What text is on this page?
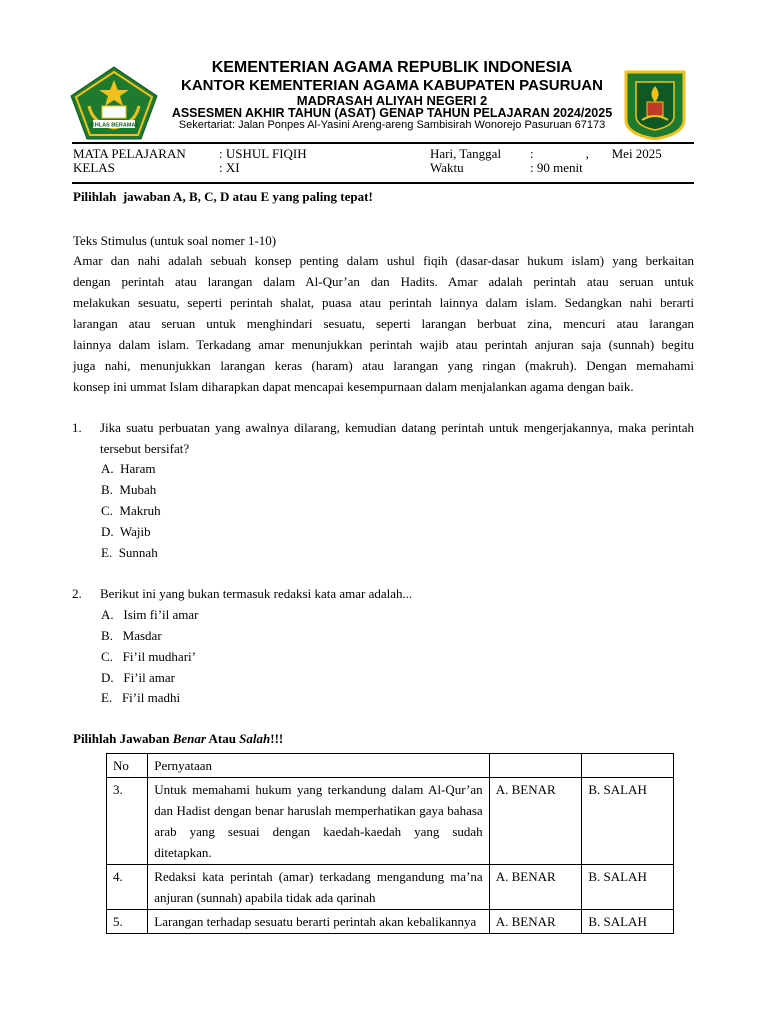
IKHLAS BERAMAL
KEMENTERIAN AGAMA REPUBLIK INDONESIA
KANTOR KEMENTERIAN AGAMA KABUPATEN PASURUAN
MADRASAH ALIYAH NEGERI 2
ASSESMEN AKHIR TAHUN (ASAT) GENAP TAHUN PELAJARAN 2024/2025
Sekertariat: Jalan Ponpes Al-Yasini Areng-areng Sambisirah Wonorejo Pasuruan 67173
MATA PELAJARAN	: USHUL FIQIH	Hari, Tanggal :                ,       Mei 2025
KELAS	: XI	Waktu	: 90 menit
Pilihlah  jawaban A, B, C, D atau E yang paling tepat!
Teks Stimulus (untuk soal nomer 1-10)
Amar dan nahi adalah sebuah konsep penting dalam ushul fiqih (dasar-dasar hukum islam) yang berkaitan
dengan perintah atau larangan dalam Al-Qur’an dan Hadits. Amar adalah perintah atau seruan untuk
melakukan sesuatu, seperti perintah shalat, puasa atau perintah lainnya dalam islam. Sedangkan nahi berarti
larangan atau seruan untuk menghindari sesuatu, seperti larangan berbuat zina, mencuri atau larangan
lainnya dalam islam. Terkadang amar menunjukkan perintah wajib atau perintah anjuran saja (sunnah) begitu
juga nahi, menunjukkan larangan keras (haram) atau larangan yang ringan (makruh). Dengan memahami
konsep ini ummat Islam diharapkan dapat mencapai kesempurnaan dalam menjalankan agama dengan baik.
1. Jika suatu perbuatan yang awalnya dilarang, kemudian datang perintah untuk mengerjakannya, maka perintah tersebut bersifat?
A.  Haram
B.  Mubah
C.  Makruh
D.  Wajib
E.  Sunnah
2. Berikut ini yang bukan termasuk redaksi kata amar adalah...
A.   Isim fi’il amar
B.   Masdar
C.   Fi’il mudhari’
D.   Fi’il amar
E.   Fi’il madhi
Pilihlah Jawaban Benar Atau Salah!!!
No	Pernyataan		
3.	Untuk memahami hukum yang terkandung dalam Al-Qur’an dan Hadist dengan benar haruslah memperhatikan gaya bahasa arab yang sesuai dengan kaedah-kaedah yang sudah ditetapkan.	A. BENAR	B. SALAH
4.	Redaksi kata perintah (amar) terkadang mengandung ma’na anjuran (sunnah) apabila tidak ada qarinah	A. BENAR	B. SALAH
5.	Larangan terhadap sesuatu berarti perintah akan kebalikannya	A. BENAR	B. SALAH
